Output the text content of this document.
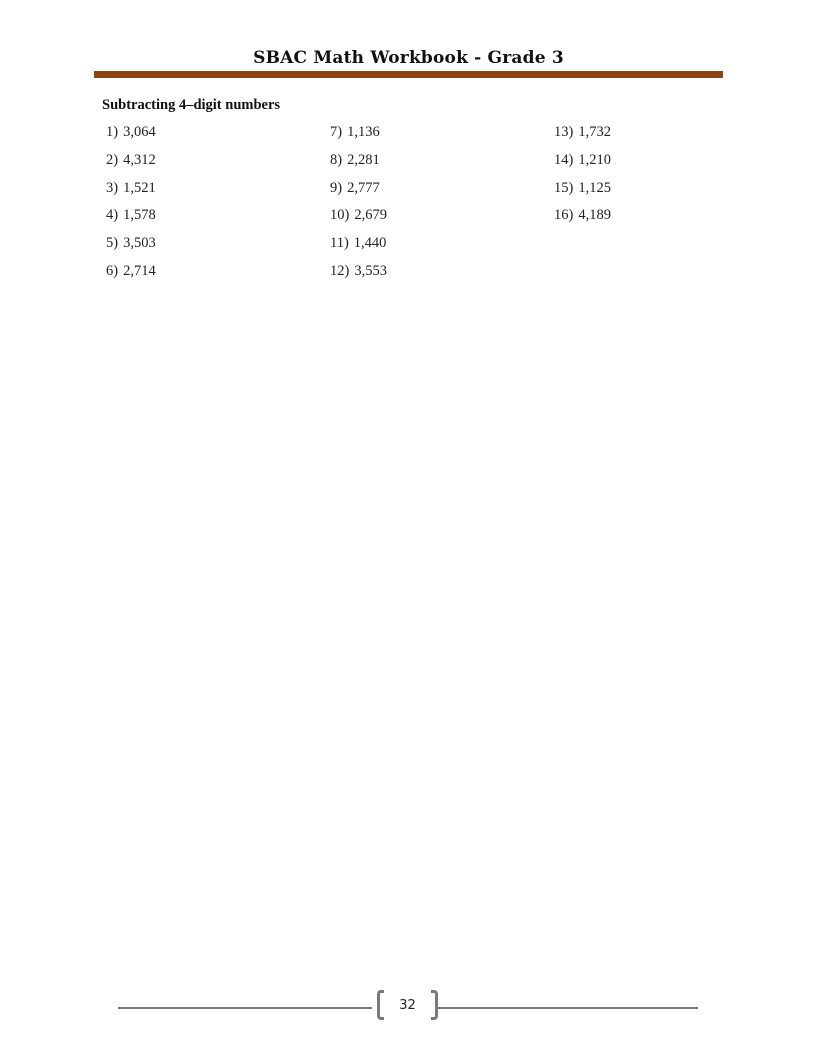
SBAC Math Workbook - Grade 3
Subtracting 4–digit numbers
1) 3,064
2) 4,312
3) 1,521
4) 1,578
5) 3,503
6) 2,714
7) 1,136
8) 2,281
9) 2,777
10) 2,679
11) 1,440
12) 3,553
13) 1,732
14) 1,210
15) 1,125
16) 4,189
32
